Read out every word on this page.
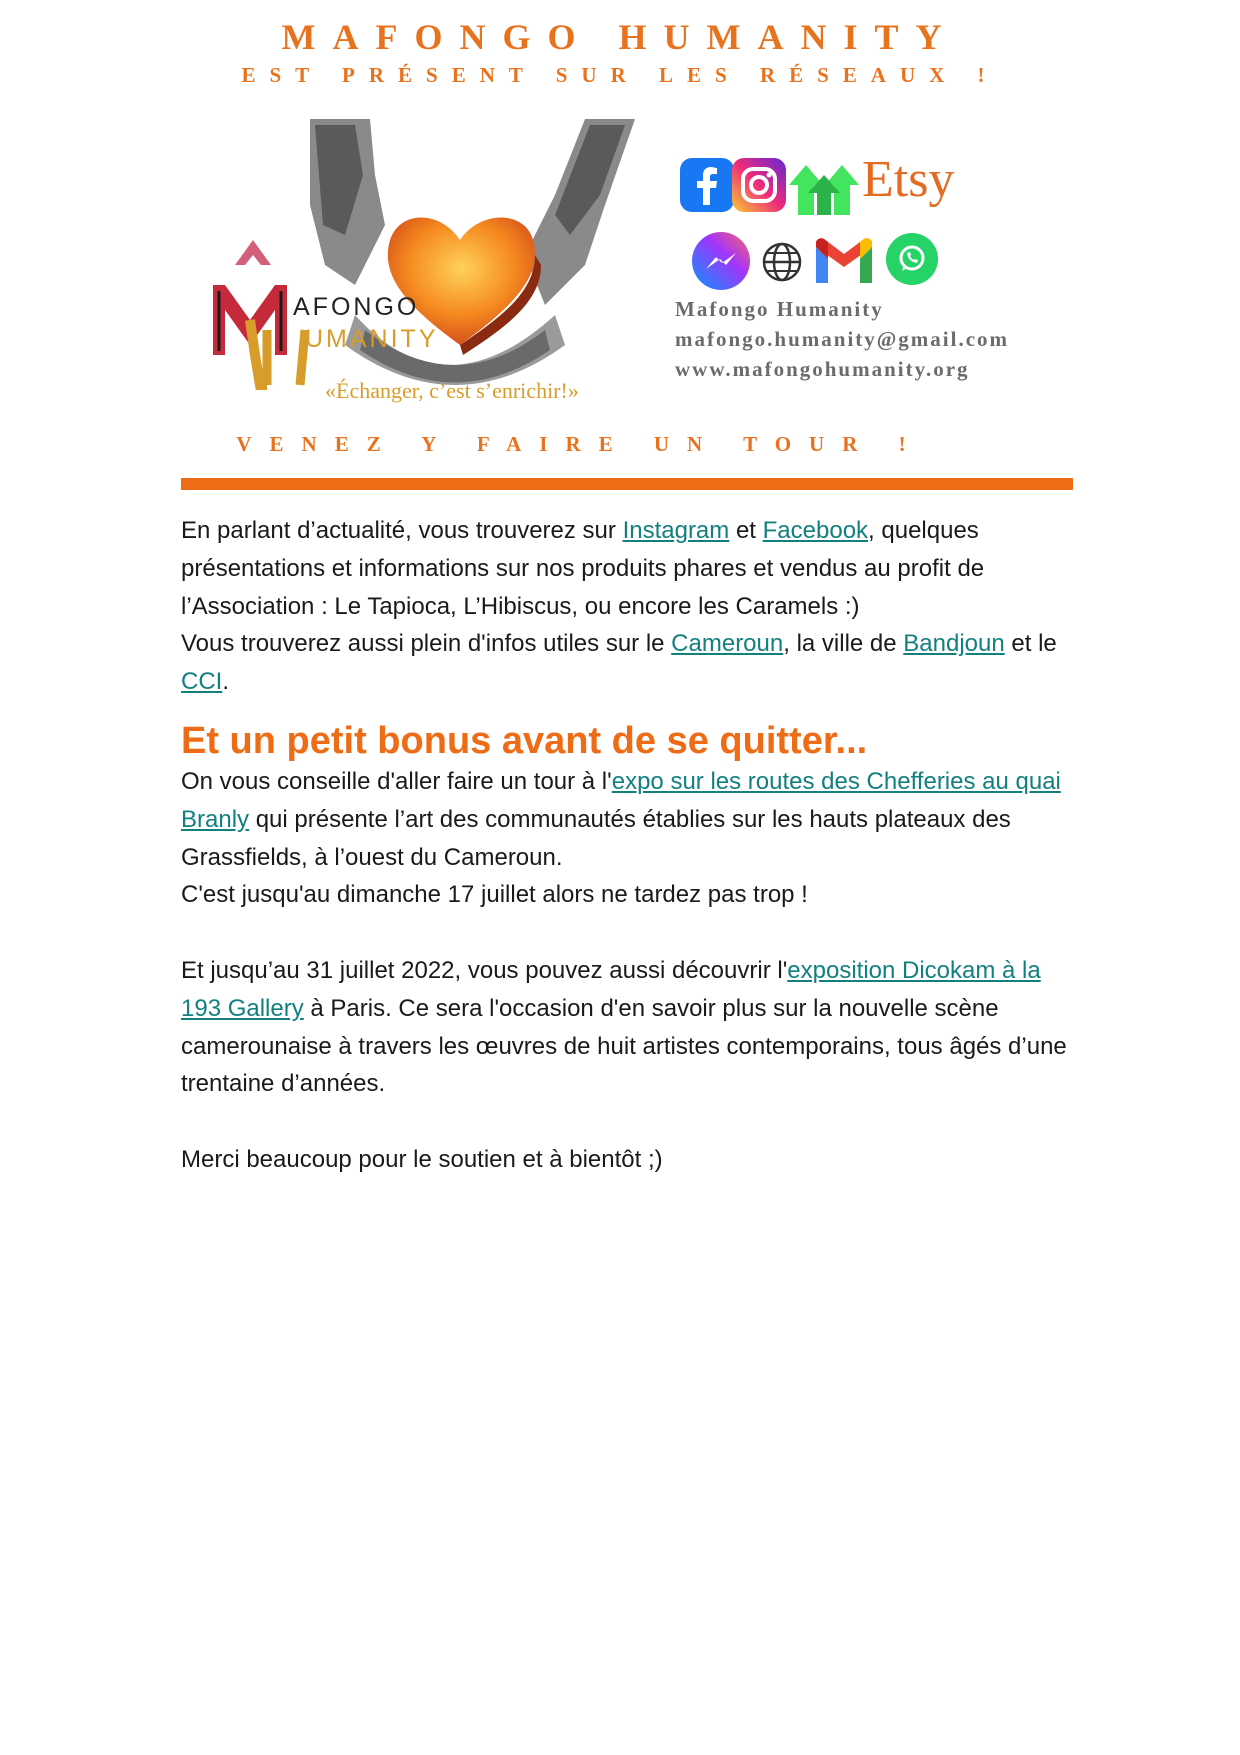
MAFONGO HUMANITY
EST PRÉSENT SUR LES RÉSEAUX !
AFONGO
UMANITY
«Échanger, c’est s’enrichir!»
Etsy
Mafongo Humanity
mafongo.humanity@gmail.com
www.mafongohumanity.org
VENEZ Y FAIRE UN TOUR !

En parlant d’actualité, vous trouverez sur Instagram et Facebook, quelques présentations et informations sur nos produits phares et vendus au profit de l’Association : Le Tapioca, L’Hibiscus, ou encore les Caramels :)

Vous trouverez aussi plein d'infos utiles sur le Cameroun, la ville de Bandjoun et le CCI.

Et un petit bonus avant de se quitter...

On vous conseille d'aller faire un tour à l'expo sur les routes des Chefferies au quai Branly qui présente l’art des communautés établies sur les hauts plateaux des Grassfields, à l’ouest du Cameroun.

C'est jusqu'au dimanche 17 juillet alors ne tardez pas trop !

Et jusqu’au 31 juillet 2022, vous pouvez aussi découvrir l'exposition Dicokam à la 193 Gallery à Paris. Ce sera l'occasion d'en savoir plus sur la nouvelle scène camerounaise à travers les œuvres de huit artistes contemporains, tous âgés d’une trentaine d’années.

Merci beaucoup pour le soutien et à bientôt ;)
